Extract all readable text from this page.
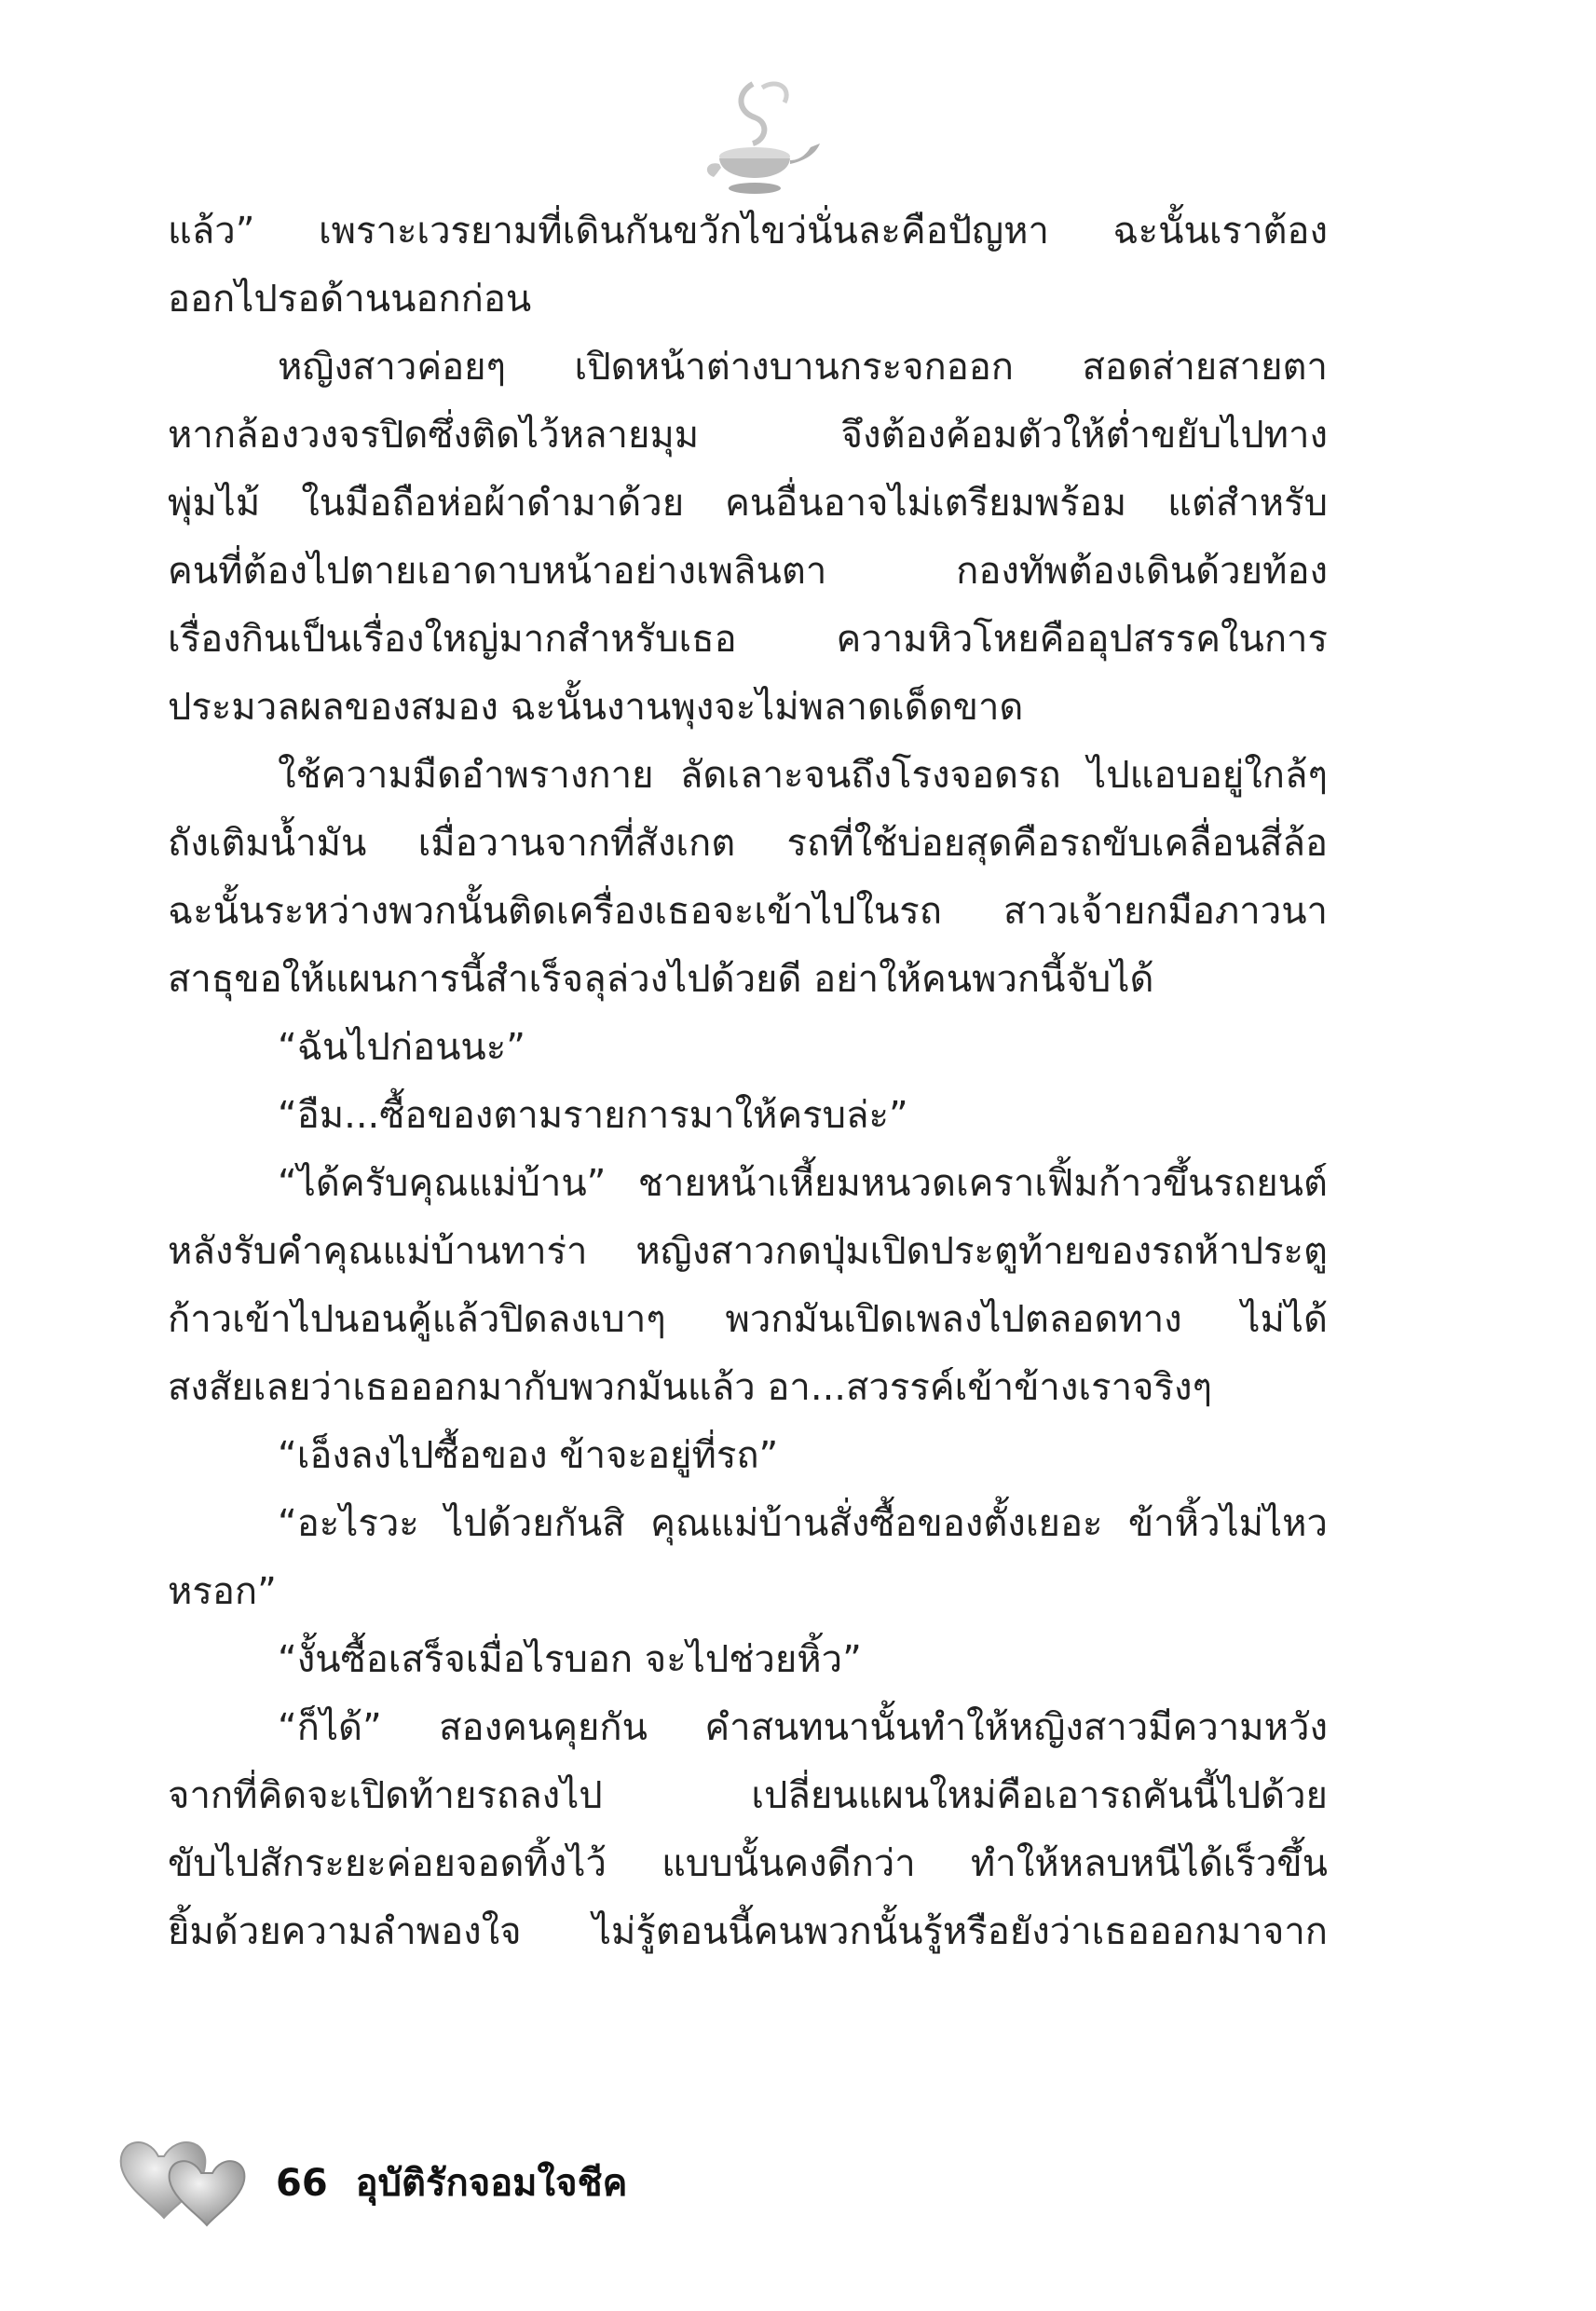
แล้ว” เพราะเวรยามที่เดินกันขวักไขว่นั่นละคือปัญหา ฉะนั้นเราต้อง
ออกไปรอด้านนอกก่อน
หญิงสาวค่อยๆ เปิดหน้าต่างบานกระจกออก สอดส่ายสายตา
หากล้องวงจรปิดซึ่งติดไว้หลายมุม จึงต้องค้อมตัวให้ต่ำขยับไปทาง
พุ่มไม้ ในมือถือห่อผ้าดำมาด้วย คนอื่นอาจไม่เตรียมพร้อม แต่สำหรับ
คนที่ต้องไปตายเอาดาบหน้าอย่างเพลินตา กองทัพต้องเดินด้วยท้อง
เรื่องกินเป็นเรื่องใหญ่มากสำหรับเธอ ความหิวโหยคืออุปสรรคในการ
ประมวลผลของสมอง ฉะนั้นงานพุงจะไม่พลาดเด็ดขาด
ใช้ความมืดอำพรางกาย ลัดเลาะจนถึงโรงจอดรถ ไปแอบอยู่ใกล้ๆ
ถังเติมน้ำมัน เมื่อวานจากที่สังเกต รถที่ใช้บ่อยสุดคือรถขับเคลื่อนสี่ล้อ
ฉะนั้นระหว่างพวกนั้นติดเครื่องเธอจะเข้าไปในรถ สาวเจ้ายกมือภาวนา
สาธุขอให้แผนการนี้สำเร็จลุล่วงไปด้วยดี อย่าให้คนพวกนี้จับได้
“ฉันไปก่อนนะ”
“อืม...ซื้อของตามรายการมาให้ครบล่ะ”
“ได้ครับคุณแม่บ้าน” ชายหน้าเหี้ยมหนวดเคราเฟิ้มก้าวขึ้นรถยนต์
หลังรับคำคุณแม่บ้านทาร่า หญิงสาวกดปุ่มเปิดประตูท้ายของรถห้าประตู
ก้าวเข้าไปนอนคู้แล้วปิดลงเบาๆ พวกมันเปิดเพลงไปตลอดทาง ไม่ได้
สงสัยเลยว่าเธอออกมากับพวกมันแล้ว อา...สวรรค์เข้าข้างเราจริงๆ
“เอ็งลงไปซื้อของ ข้าจะอยู่ที่รถ”
“อะไรวะ ไปด้วยกันสิ คุณแม่บ้านสั่งซื้อของตั้งเยอะ ข้าหิ้วไม่ไหว
หรอก”
“งั้นซื้อเสร็จเมื่อไรบอก จะไปช่วยหิ้ว”
“ก็ได้” สองคนคุยกัน คำสนทนานั้นทำให้หญิงสาวมีความหวัง
จากที่คิดจะเปิดท้ายรถลงไป เปลี่ยนแผนใหม่คือเอารถคันนี้ไปด้วย
ขับไปสักระยะค่อยจอดทิ้งไว้ แบบนั้นคงดีกว่า ทำให้หลบหนีได้เร็วขึ้น
ยิ้มด้วยความลำพองใจ ไม่รู้ตอนนี้คนพวกนั้นรู้หรือยังว่าเธอออกมาจาก
66 อุบัติรักจอมใจชีค
